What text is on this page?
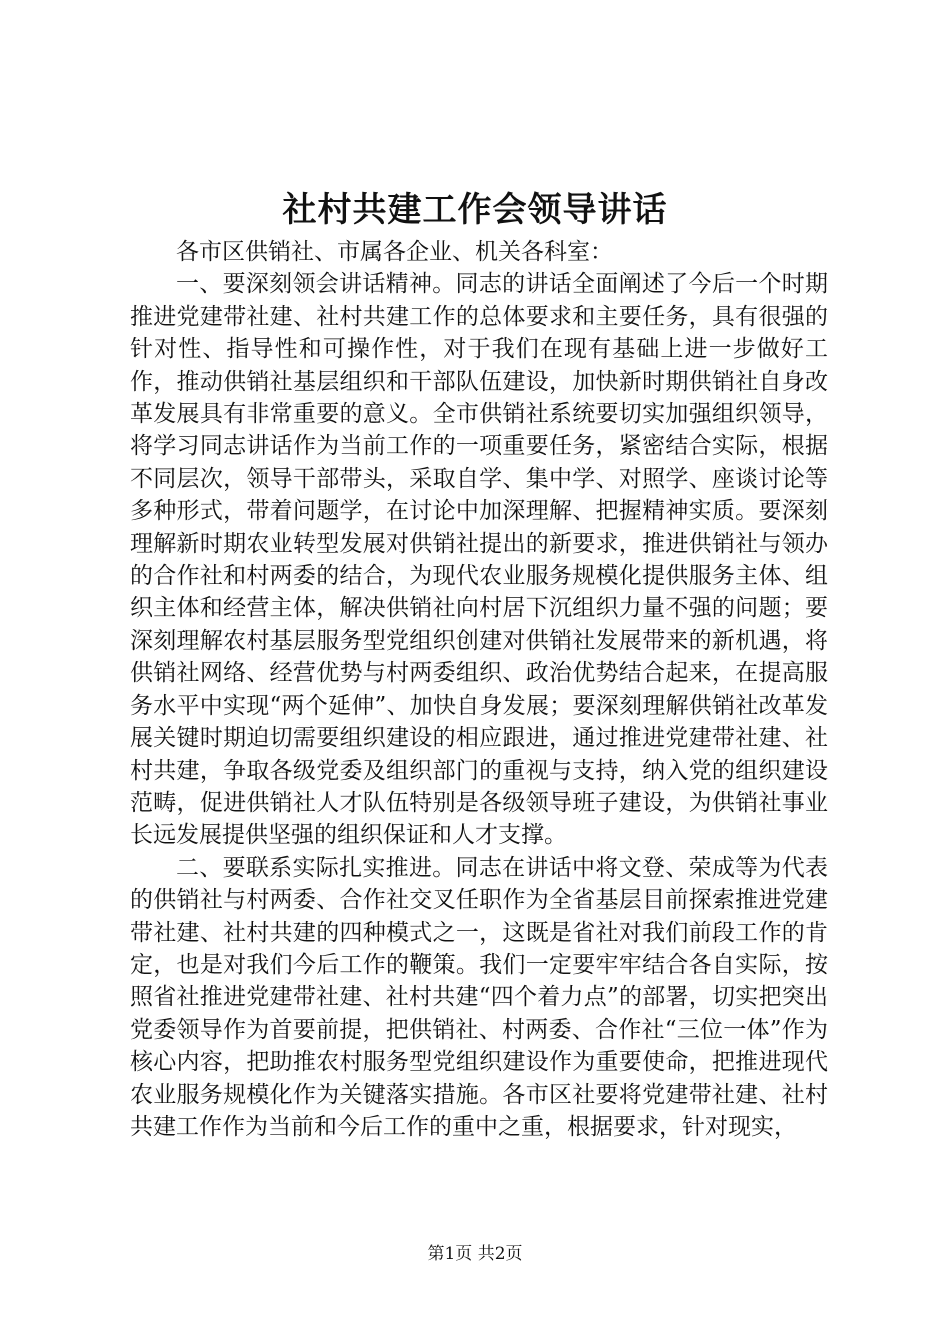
社村共建工作会领导讲话

各市区供销社、市属各企业、机关各科室：

一、要深刻领会讲话精神。同志的讲话全面阐述了今后一个时期推进党建带社建、社村共建工作的总体要求和主要任务，具有很强的针对性、指导性和可操作性，对于我们在现有基础上进一步做好工作，推动供销社基层组织和干部队伍建设，加快新时期供销社自身改革发展具有非常重要的意义。全市供销社系统要切实加强组织领导，将学习同志讲话作为当前工作的一项重要任务，紧密结合实际，根据不同层次，领导干部带头，采取自学、集中学、对照学、座谈讨论等多种形式，带着问题学，在讨论中加深理解、把握精神实质。要深刻理解新时期农业转型发展对供销社提出的新要求，推进供销社与领办的合作社和村两委的结合，为现代农业服务规模化提供服务主体、组织主体和经营主体，解决供销社向村居下沉组织力量不强的问题；要深刻理解农村基层服务型党组织创建对供销社发展带来的新机遇，将供销社网络、经营优势与村两委组织、政治优势结合起来，在提高服务水平中实现“两个延伸”、加快自身发展；要深刻理解供销社改革发展关键时期迫切需要组织建设的相应跟进，通过推进党建带社建、社村共建，争取各级党委及组织部门的重视与支持，纳入党的组织建设范畴，促进供销社人才队伍特别是各级领导班子建设，为供销社事业长远发展提供坚强的组织保证和人才支撑。

二、要联系实际扎实推进。同志在讲话中将文登、荣成等为代表的供销社与村两委、合作社交叉任职作为全省基层目前探索推进党建带社建、社村共建的四种模式之一，这既是省社对我们前段工作的肯定，也是对我们今后工作的鞭策。我们一定要牢牢结合各自实际，按照省社推进党建带社建、社村共建“四个着力点”的部署，切实把突出党委领导作为首要前提，把供销社、村两委、合作社“三位一体”作为核心内容，把助推农村服务型党组织建设作为重要使命，把推进现代农业服务规模化作为关键落实措施。各市区社要将党建带社建、社村共建工作作为当前和今后工作的重中之重，根据要求，针对现实，

第1页 共2页
